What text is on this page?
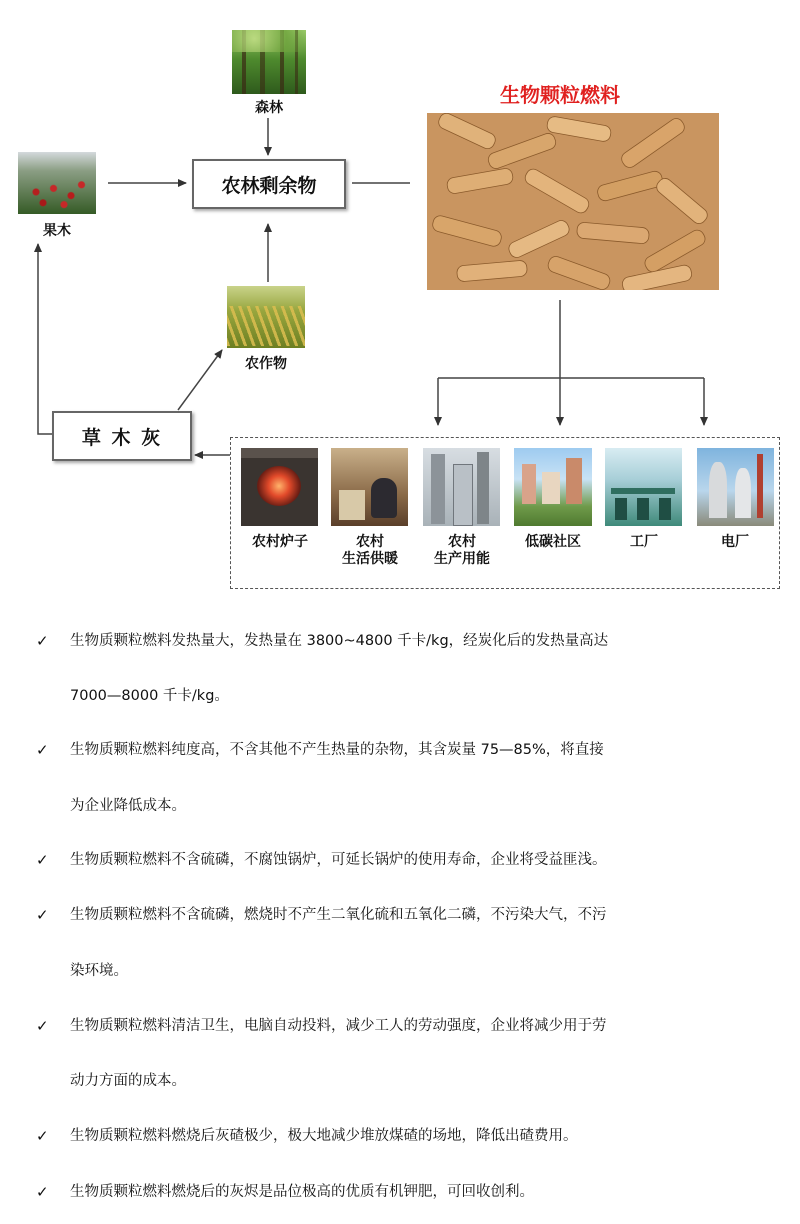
森林
果木
农林剩余物
农作物
生物颗粒燃料
草 木 灰
农村炉子	农村
生活供暖
农村
生产用能
低碳社区	工厂	电厂
✓ 生物质颗粒燃料发热量大，发热量在 3800~4800 千卡/kg，经炭化后的发热量高达
7000—8000 千卡/kg。
✓ 生物质颗粒燃料纯度高，不含其他不产生热量的杂物，其含炭量 75—85%，将直接
为企业降低成本。
✓ 生物质颗粒燃料不含硫磷，不腐蚀锅炉，可延长锅炉的使用寿命，企业将受益匪浅。
✓ 生物质颗粒燃料不含硫磷，燃烧时不产生二氧化硫和五氧化二磷，不污染大气，不污
染环境。
✓ 生物质颗粒燃料清洁卫生，电脑自动投料，减少工人的劳动强度，企业将减少用于劳
动力方面的成本。
✓ 生物质颗粒燃料燃烧后灰碴极少，极大地减少堆放煤碴的场地，降低出碴费用。
✓ 生物质颗粒燃料燃烧后的灰烬是品位极高的优质有机钾肥，可回收创利。
